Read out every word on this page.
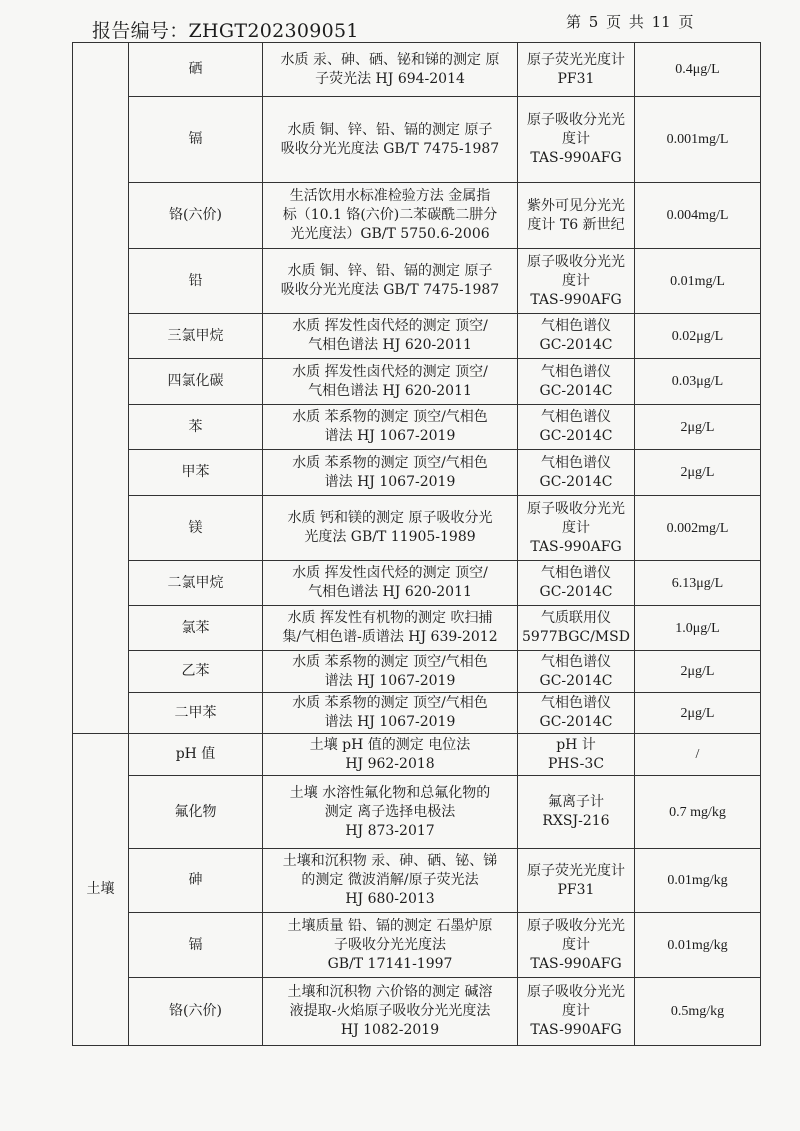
报告编号：ZHGT202309051	第 5 页 共 11 页
	硒	水质 汞、砷、硒、铋和锑的测定 原
子荧光法 HJ 694-2014	原子荧光光度计
PF31	0.4μg/L
	镉	水质 铜、锌、铅、镉的测定 原子
吸收分光光度法 GB/T 7475-1987	原子吸收分光光
度计
TAS-990AFG	0.001mg/L
	铬(六价)	生活饮用水标准检验方法 金属指
标（10.1 铬(六价)二苯碳酰二肼分
光光度法）GB/T 5750.6-2006	紫外可见分光光
度计 T6 新世纪	0.004mg/L
	铅	水质 铜、锌、铅、镉的测定 原子
吸收分光光度法 GB/T 7475-1987	原子吸收分光光
度计
TAS-990AFG	0.01mg/L
	三氯甲烷	水质 挥发性卤代烃的测定 顶空/
气相色谱法 HJ 620-2011	气相色谱仪
GC-2014C	0.02μg/L
	四氯化碳	水质 挥发性卤代烃的测定 顶空/
气相色谱法 HJ 620-2011	气相色谱仪
GC-2014C	0.03μg/L
	苯	水质 苯系物的测定 顶空/气相色
谱法 HJ 1067-2019	气相色谱仪
GC-2014C	2μg/L
	甲苯	水质 苯系物的测定 顶空/气相色
谱法 HJ 1067-2019	气相色谱仪
GC-2014C	2μg/L
	镁	水质 钙和镁的测定 原子吸收分光
光度法 GB/T 11905-1989	原子吸收分光光
度计
TAS-990AFG	0.002mg/L
	二氯甲烷	水质 挥发性卤代烃的测定 顶空/
气相色谱法 HJ 620-2011	气相色谱仪
GC-2014C	6.13μg/L
	氯苯	水质 挥发性有机物的测定 吹扫捕
集/气相色谱-质谱法 HJ 639-2012	气质联用仪
5977BGC/MSD	1.0μg/L
	乙苯	水质 苯系物的测定 顶空/气相色
谱法 HJ 1067-2019	气相色谱仪
GC-2014C	2μg/L
	二甲苯	水质 苯系物的测定 顶空/气相色
谱法 HJ 1067-2019	气相色谱仪
GC-2014C	2μg/L
土壤	pH 值	土壤 pH 值的测定 电位法
HJ 962-2018	pH 计
PHS-3C	/
	氟化物	土壤 水溶性氟化物和总氟化物的
测定 离子选择电极法
HJ 873-2017	氟离子计
RXSJ-216	0.7 mg/kg
	砷	土壤和沉积物 汞、砷、硒、铋、锑
的测定 微波消解/原子荧光法
HJ 680-2013	原子荧光光度计
PF31	0.01mg/kg
	镉	土壤质量 铅、镉的测定 石墨炉原
子吸收分光光度法
GB/T 17141-1997	原子吸收分光光
度计
TAS-990AFG	0.01mg/kg
	铬(六价)	土壤和沉积物 六价铬的测定 碱溶
液提取-火焰原子吸收分光光度法
HJ 1082-2019	原子吸收分光光
度计
TAS-990AFG	0.5mg/kg
